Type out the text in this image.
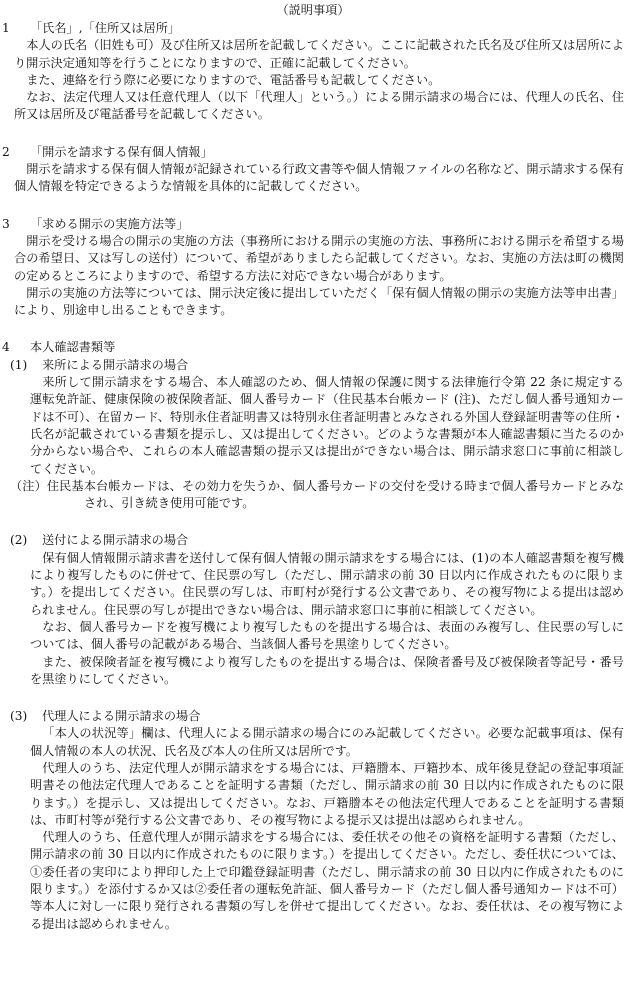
（説明事項）
1	「氏名」,「住所又は居所」

本人の氏名（旧姓も可）及び住所又は居所を記載してください。ここに記載された氏名及び住所又は居所により開示決定通知等を行うことになりますので、正確に記載してください。

また、連絡を行う際に必要になりますので、電話番号も記載してください。

なお、法定代理人又は任意代理人（以下「代理人」という。）による開示請求の場合には、代理人の氏名、住所又は居所及び電話番号を記載してください。

2	「開示を請求する保有個人情報」

開示を請求する保有個人情報が記録されている行政文書等や個人情報ファイルの名称など、開示請求する保有個人情報を特定できるような情報を具体的に記載してください。

3	「求める開示の実施方法等」

開示を受ける場合の開示の実施の方法（事務所における開示の実施の方法、事務所における開示を希望する場合の希望日、又は写しの送付）について、希望がありましたら記載してください。なお、実施の方法は町の機関の定めるところによりますので、希望する方法に対応できない場合があります。

開示の実施の方法等については、開示決定後に提出していただく「保有個人情報の開示の実施方法等申出書」により、別途申し出ることもできます。

4	本人確認書類等
(1)	来所による開示請求の場合

来所して開示請求をする場合、本人確認のため、個人情報の保護に関する法律施行令第 22 条に規定する運転免許証、健康保険の被保険者証、個人番号カード（住民基本台帳カード (注)、ただし個人番号通知カードは不可）、在留カード、特別永住者証明書又は特別永住者証明書とみなされる外国人登録証明書等の住所・氏名が記載されている書類を提示し、又は提出してください。どのような書類が本人確認書類に当たるのか分からない場合や、これらの本人確認書類の提示又は提出ができない場合は、開示請求窓口に事前に相談してください。

（注）住民基本台帳カードは、その効力を失うか、個人番号カードの交付を受ける時まで個人番号カードとみなされ、引き続き使用可能です。

(2)	送付による開示請求の場合

保有個人情報開示請求書を送付して保有個人情報の開示請求をする場合には、(1)の本人確認書類を複写機により複写したものに併せて、住民票の写し（ただし、開示請求の前 30 日以内に作成されたものに限ります。）を提出してください。住民票の写しは、市町村が発行する公文書であり、その複写物による提出は認められません。住民票の写しが提出できない場合は、開示請求窓口に事前に相談してください。

なお、個人番号カードを複写機により複写したものを提出する場合は、表面のみ複写し、住民票の写しについては、個人番号の記載がある場合、当該個人番号を黒塗りしてください。

また、被保険者証を複写機により複写したものを提出する場合は、保険者番号及び被保険者等記号・番号を黒塗りにしてください。

(3)	代理人による開示請求の場合

「本人の状況等」欄は、代理人による開示請求の場合にのみ記載してください。必要な記載事項は、保有個人情報の本人の状況、氏名及び本人の住所又は居所です。

代理人のうち、法定代理人が開示請求をする場合には、戸籍謄本、戸籍抄本、成年後見登記の登記事項証明書その他法定代理人であることを証明する書類（ただし、開示請求の前 30 日以内に作成されたものに限ります。）を提示し、又は提出してください。なお、戸籍謄本その他法定代理人であることを証明する書類は、市町村等が発行する公文書であり、その複写物による提示又は提出は認められません。

代理人のうち、任意代理人が開示請求をする場合には、委任状その他その資格を証明する書類（ただし、開示請求の前 30 日以内に作成されたものに限ります。）を提出してください。ただし、委任状については、①委任者の実印により押印した上で印鑑登録証明書（ただし、開示請求の前 30 日以内に作成されたものに限ります。）を添付するか又は②委任者の運転免許証、個人番号カード（ただし個人番号通知カードは不可）等本人に対し一に限り発行される書類の写しを併せて提出してください。なお、委任状は、その複写物による提出は認められません。
